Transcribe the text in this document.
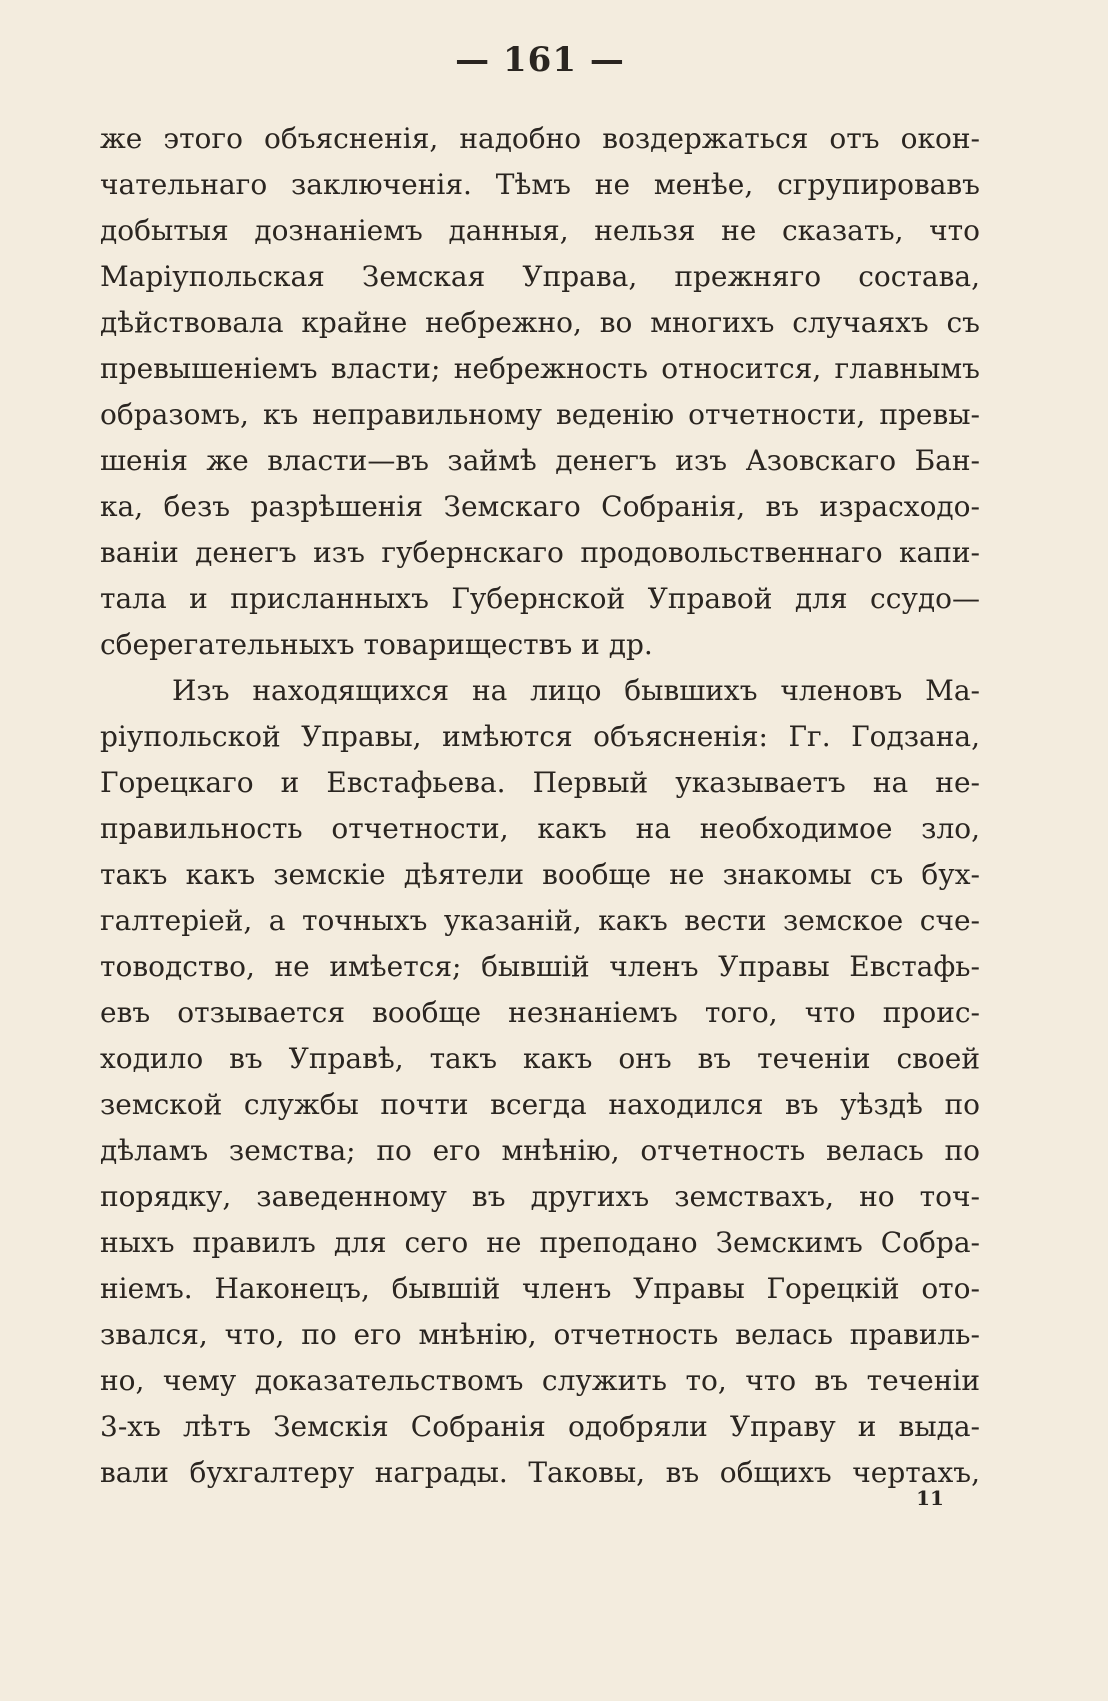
— 161 —
же этого объясненія, надобно воздержаться отъ окон-
чательнаго заключенія. Тѣмъ не менѣе, сгрупировавъ
добытыя дознаніемъ данныя, нельзя не сказать, что
Маріупольская Земская Управа, прежняго состава,
дѣйствовала крайне небрежно, во многихъ случаяхъ съ
превышеніемъ власти; небрежность относится, главнымъ
образомъ, къ неправильному веденію отчетности, превы-
шенія же власти—въ займѣ денегъ изъ Азовскаго Бан-
ка, безъ разрѣшенія Земскаго Собранія, въ израсходо-
ваніи денегъ изъ губернскаго продовольственнаго капи-
тала и присланныхъ Губернской Управой для ссудо—
сберегательныхъ товариществъ и др.
Изъ находящихся на лицо бывшихъ членовъ Ма-
ріупольской Управы, имѣются объясненія: Гг. Годзана,
Горецкаго и Евстафьева. Первый указываетъ на не-
правильность отчетности, какъ на необходимое зло,
такъ какъ земскіе дѣятели вообще не знакомы съ бух-
галтеріей, а точныхъ указаній, какъ вести земское сче-
товодство, не имѣется; бывшій членъ Управы Евстафь-
евъ отзывается вообще незнаніемъ того, что проис-
ходило въ Управѣ, такъ какъ онъ въ теченіи своей
земской службы почти всегда находился въ уѣздѣ по
дѣламъ земства; по его мнѣнію, отчетность велась по
порядку, заведенному въ другихъ земствахъ, но точ-
ныхъ правилъ для сего не преподано Земскимъ Собра-
ніемъ. Наконецъ, бывшій членъ Управы Горецкій ото-
звался, что, по его мнѣнію, отчетность велась правиль-
но, чему доказательствомъ служить то, что въ теченіи
3-хъ лѣтъ Земскія Собранія одобряли Управу и выда-
вали бухгалтеру награды. Таковы, въ общихъ чертахъ,
11
